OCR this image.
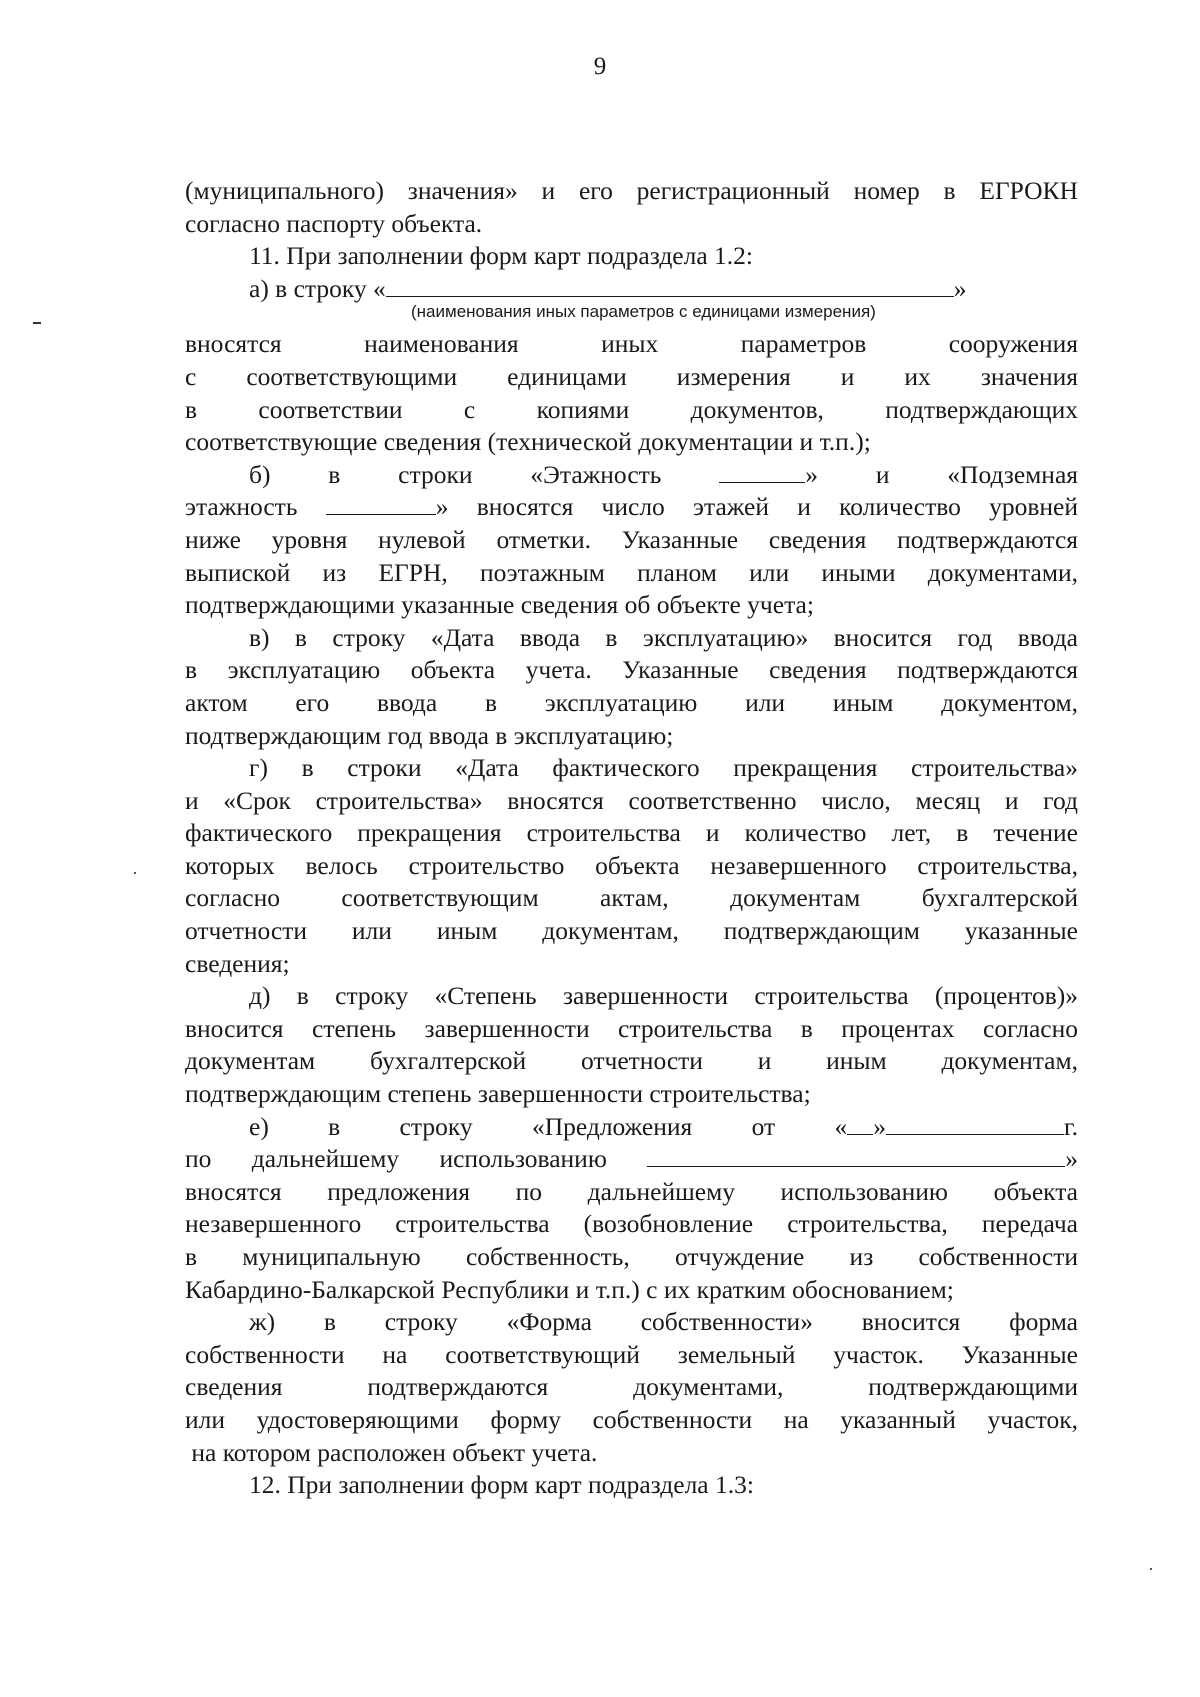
9
(муниципального) значения» и его регистрационный номер в ЕГРОКН
согласно паспорту объекта.
11. При заполнении форм карт подраздела 1.2:
а) в строку «	»
(наименования иных параметров с единицами измерения)
вносятся наименования иных параметров сооружения
с соответствующими единицами измерения и их значения
в соответствии с копиями документов, подтверждающих
соответствующие сведения (технической документации и т.п.);
б) в строки «Этажность	» и «Подземная
этажность	» вносятся число этажей и количество уровней
ниже уровня нулевой отметки. Указанные сведения подтверждаются
выпиской из ЕГРН, поэтажным планом или иными документами,
подтверждающими указанные сведения об объекте учета;
в) в строку «Дата ввода в эксплуатацию» вносится год ввода
в эксплуатацию объекта учета. Указанные сведения подтверждаются
актом его ввода в эксплуатацию или иным документом,
подтверждающим год ввода в эксплуатацию;
г) в строки «Дата фактического прекращения строительства»
и «Срок строительства» вносятся соответственно число, месяц и год
фактического прекращения строительства и количество лет, в течение
которых велось строительство объекта незавершенного строительства,
согласно соответствующим актам, документам бухгалтерской
отчетности или иным документам, подтверждающим указанные
сведения;
д) в строку «Степень завершенности строительства (процентов)»
вносится степень завершенности строительства в процентах согласно
документам бухгалтерской отчетности и иным документам,
подтверждающим степень завершенности строительства;
е) в строку «Предложения от « »	г.
по дальнейшему использованию	»
вносятся предложения по дальнейшему использованию объекта
незавершенного строительства (возобновление строительства, передача
в муниципальную собственность, отчуждение из собственности
Кабардино-Балкарской Республики и т.п.) с их кратким обоснованием;
ж) в строку «Форма собственности» вносится форма
собственности на соответствующий земельный участок. Указанные
сведения подтверждаются документами, подтверждающими
или удостоверяющими форму собственности на указанный участок,
на котором расположен объект учета.
12. При заполнении форм карт подраздела 1.3:
